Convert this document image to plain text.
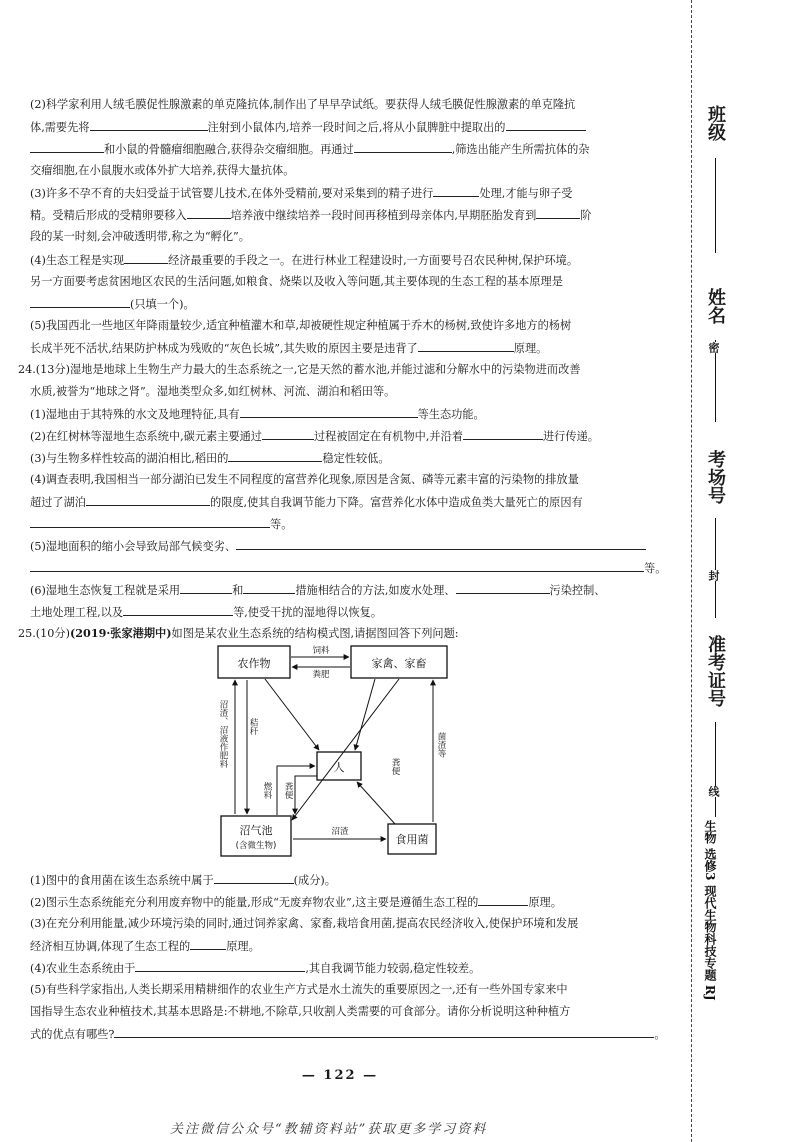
(2)科学家利用人绒毛膜促性腺激素的单克隆抗体,制作出了早早孕试纸。要获得人绒毛膜促性腺激素的单克隆抗
体,需要先将	注射到小鼠体内,培养一段时间之后,将从小鼠脾脏中提取出的
和小鼠的骨髓瘤细胞融合,获得杂交瘤细胞。再通过	,筛选出能产生所需抗体的杂
交瘤细胞,在小鼠腹水或体外扩大培养,获得大量抗体。
(3)许多不孕不育的夫妇受益于试管婴儿技术,在体外受精前,要对采集到的精子进行	处理,才能与卵子受
精。受精后形成的受精卵要移入	培养液中继续培养一段时间再移植到母亲体内,早期胚胎发育到	阶
段的某一时刻,会冲破透明带,称之为“孵化”。
(4)生态工程是实现	经济最重要的手段之一。在进行林业工程建设时,一方面要号召农民种树,保护环境。
另一方面要考虑贫困地区农民的生活问题,如粮食、烧柴以及收入等问题,其主要体现的生态工程的基本原理是
(只填一个)。
(5)我国西北一些地区年降雨量较少,适宜种植灌木和草,却被硬性规定种植属于乔木的杨树,致使许多地方的杨树
长成半死不活状,结果防护林成为残败的“灰色长城”,其失败的原因主要是违背了	原理。
24.(13分)湿地是地球上生物生产力最大的生态系统之一,它是天然的蓄水池,并能过滤和分解水中的污染物进而改善
水质,被誉为“地球之肾”。湿地类型众多,如红树林、河流、湖泊和稻田等。
(1)湿地由于其特殊的水文及地理特征,具有	等生态功能。
(2)在红树林等湿地生态系统中,碳元素主要通过	过程被固定在有机物中,并沿着	进行传递。
(3)与生物多样性较高的湖泊相比,稻田的	稳定性较低。
(4)调查表明,我国相当一部分湖泊已发生不同程度的富营养化现象,原因是含氮、磷等元素丰富的污染物的排放量
超过了湖泊	的限度,使其自我调节能力下降。富营养化水体中造成鱼类大量死亡的原因有
等。
(5)湿地面积的缩小会导致局部气候变劣、
等。
(6)湿地生态恢复工程就是采用	和	措施相结合的方法,如废水处理、	污染控制、
土地处理工程,以及	等,使受干扰的湿地得以恢复。
25.(10分)(2019·张家港期中)如图是某农业生态系统的结构模式图,请据图回答下列问题:
农作物	家禽、家畜
人
沼气池
(含微生物)	食用菌
饲料
粪肥
沼渣、沼液作肥料 秸秆
粪便
菌渣等
燃料 粪便
沼渣
(1)图中的食用菌在该生态系统中属于	(成分)。
(2)图示生态系统能充分利用废弃物中的能量,形成“无废弃物农业”,这主要是遵循生态工程的	原理。
(3)在充分利用能量,减少环境污染的同时,通过饲养家禽、家畜,栽培食用菌,提高农民经济收入,使保护环境和发展
经济相互协调,体现了生态工程的	原理。
(4)农业生态系统由于	,其自我调节能力较弱,稳定性较差。
(5)有些科学家指出,人类长期采用精耕细作的农业生产方式是水土流失的重要原因之一,还有一些外国专家来中
国指导生态农业种植技术,其基本思路是:不耕地,不除草,只收割人类需要的可食部分。请你分析说明这种种植方
式的优点有哪些?	。
— 122 —
关注微信公众号“教辅资料站”获取更多学习资料
班级
姓名
密
考场号
封
准考证号
线
生物 选修3 现代生物科技专题 RJ
